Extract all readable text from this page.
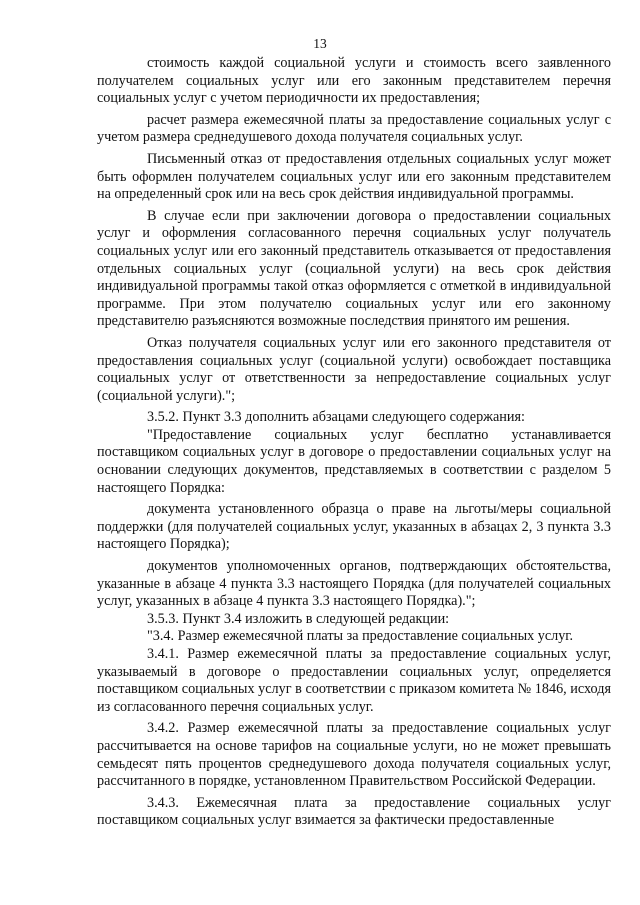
13

стоимость каждой социальной услуги и стоимость всего заявленного получателем социальных услуг или его законным представителем перечня социальных услуг с учетом периодичности их предоставления;

расчет размера ежемесячной платы за предоставление социальных услуг с учетом размера среднедушевого дохода получателя социальных услуг.

Письменный отказ от предоставления отдельных социальных услуг может быть оформлен получателем социальных услуг или его законным представителем на определенный срок или на весь срок действия индивидуальной программы.

В случае если при заключении договора о предоставлении социальных услуг и оформления согласованного перечня социальных услуг получатель социальных услуг или его законный представитель отказывается от предоставления отдельных социальных услуг (социальной услуги) на весь срок действия индивидуальной программы такой отказ оформляется с отметкой в индивидуальной программе. При этом получателю социальных услуг или его законному представителю разъясняются возможные последствия принятого им решения.

Отказ получателя социальных услуг или его законного представителя от предоставления социальных услуг (социальной услуги) освобождает поставщика социальных услуг от ответственности за непредоставление социальных услуг (социальной услуги).";

3.5.2. Пункт 3.3 дополнить абзацами следующего содержания:

"Предоставление социальных услуг бесплатно устанавливается поставщиком социальных услуг в договоре о предоставлении социальных услуг на основании следующих документов, представляемых в соответствии с разделом 5 настоящего Порядка:

документа установленного образца о праве на льготы/меры социальной поддержки (для получателей социальных услуг, указанных в абзацах 2, 3 пункта 3.3 настоящего Порядка);

документов уполномоченных органов, подтверждающих обстоятельства, указанные в абзаце 4 пункта 3.3 настоящего Порядка (для получателей социальных услуг, указанных в абзаце 4 пункта 3.3 настоящего Порядка).";

3.5.3. Пункт 3.4 изложить в следующей редакции:

"3.4. Размер ежемесячной платы за предоставление социальных услуг.

3.4.1. Размер ежемесячной платы за предоставление социальных услуг, указываемый в договоре о предоставлении социальных услуг, определяется поставщиком социальных услуг в соответствии с приказом комитета № 1846, исходя из согласованного перечня социальных услуг.

3.4.2. Размер ежемесячной платы за предоставление социальных услуг рассчитывается на основе тарифов на социальные услуги, но не может превышать семьдесят пять процентов среднедушевого дохода получателя социальных услуг, рассчитанного в порядке, установленном Правительством Российской Федерации.

3.4.3. Ежемесячная плата за предоставление социальных услуг поставщиком социальных услуг взимается за фактически предоставленные
